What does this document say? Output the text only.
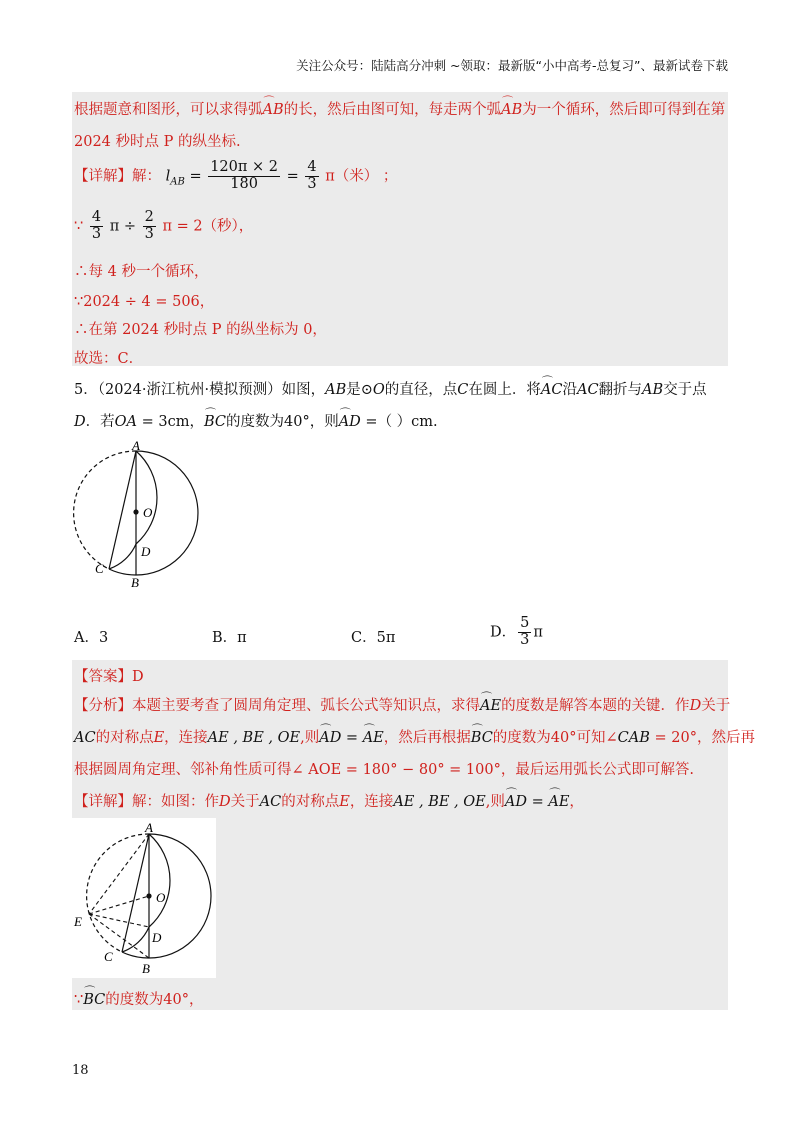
关注公众号：陆陆高分冲刺 ~领取：最新版“小中高考-总复习”、最新试卷下载
根据题意和图形，可以求得弧⌒ AB的长，然后由图可知，每走两个弧⌒ AB为一个循环，然后即可得到在第
2024 秒时点 P 的纵坐标.
【详解】解： $l_{AB} = \frac{120\pi \times 2}{180} = \frac{4}{3} \pi$（米） ；
∵ $\frac{4}{3}$ $\pi \div \frac{2}{3}$ π = 2（秒），
∴每 4 秒一个循环，
∵2024 ÷ 4 = 506，
∴在第 2024 秒时点 P 的纵坐标为 0，
故选：C．
5．（2024·浙江杭州·模拟预测）如图，AB是⊙O的直径，点C在圆上．将⌒ AC沿AC翻折与AB交于点
D．若OA = 3cm，⌒ BC的度数为40°，则⌒ AD =（ ）cm.
A
O
D
C
B
A．3	B．π	C．5π	D． $\frac{5}{3}$ π
【答案】D
【分析】本题主要考查了圆周角定理、弧长公式等知识点，求得⌒ AE的度数是解答本题的关键．作D关于
AC的对称点E，连接AE , BE , OE,则⌒ AD = ⌒ AE，然后再根据⌒ BC的度数为40°可知∠CAB = 20°，然后再
根据圆周角定理、邻补角性质可得∠ AOE = 180° − 80° = 100°，最后运用弧长公式即可解答.
【详解】解：如图：作D关于AC的对称点E，连接AE , BE , OE,则⌒ AD = ⌒ AE，
A
O
D
E
C
B
∵⌒ BC的度数为40°，
18
